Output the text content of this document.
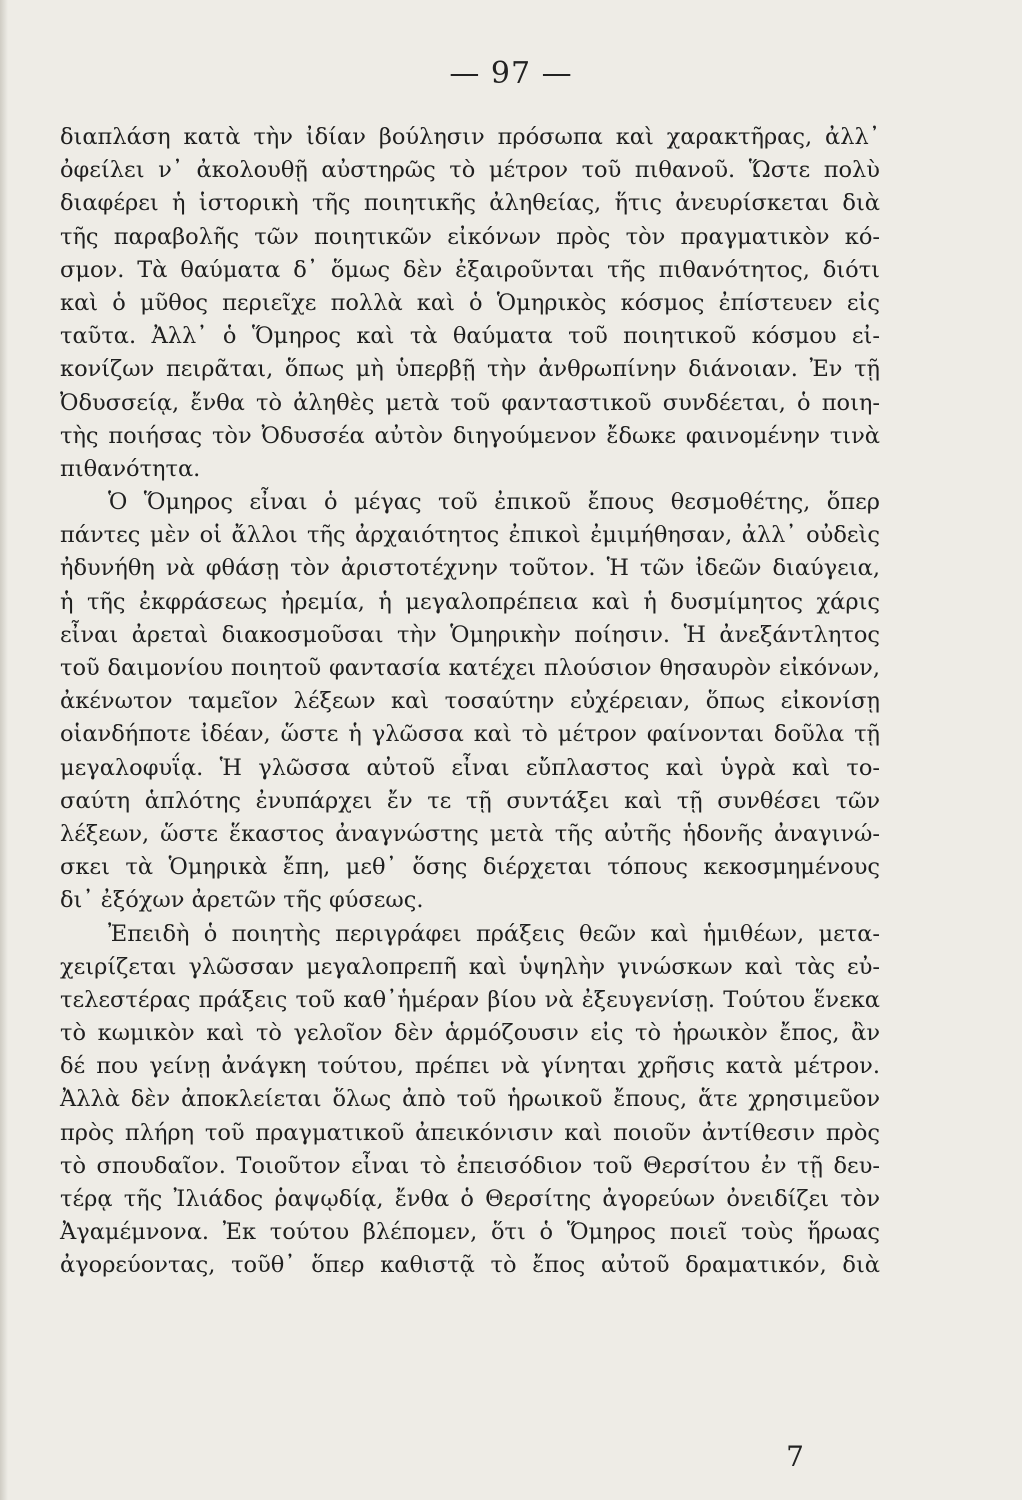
— 97 —
διαπλάση κατὰ τὴν ἰδίαν βούλησιν πρόσωπα καὶ χαρακτῆρας, ἀλλ᾽
ὀφείλει ν᾽ ἀκολουθῇ αὐστηρῶς τὸ μέτρον τοῦ πιθανοῦ. Ὥστε πολὺ
διαφέρει ἡ ἱστορικὴ τῆς ποιητικῆς ἀληθείας, ἥτις ἀνευρίσκεται διὰ
τῆς παραβολῆς τῶν ποιητικῶν εἰκόνων πρὸς τὸν πραγματικὸν κό-
σμον. Τὰ θαύματα δ᾽ ὅμως δὲν ἐξαιροῦνται τῆς πιθανότητος, διότι
καὶ ὁ μῦθος περιεῖχε πολλὰ καὶ ὁ Ὁμηρικὸς κόσμος ἐπίστευεν εἰς
ταῦτα. Ἀλλ᾽ ὁ Ὅμηρος καὶ τὰ θαύματα τοῦ ποιητικοῦ κόσμου εἰ-
κονίζων πειρᾶται, ὅπως μὴ ὑπερβῇ τὴν ἀνθρωπίνην διάνοιαν. Ἐν τῇ
Ὀδυσσείᾳ, ἔνθα τὸ ἀληθὲς μετὰ τοῦ φανταστικοῦ συνδέεται, ὁ ποιη-
τὴς ποιήσας τὸν Ὀδυσσέα αὐτὸν διηγούμενον ἔδωκε φαινομένην τινὰ
πιθανότητα.
Ὁ Ὅμηρος εἶναι ὁ μέγας τοῦ ἐπικοῦ ἔπους θεσμοθέτης, ὅπερ
πάντες μὲν οἱ ἄλλοι τῆς ἀρχαιότητος ἐπικοὶ ἐμιμήθησαν, ἀλλ᾽ οὐδεὶς
ἠδυνήθη νὰ φθάσῃ τὸν ἀριστοτέχνην τοῦτον. Ἡ τῶν ἰδεῶν διαύγεια,
ἡ τῆς ἐκφράσεως ἠρεμία, ἡ μεγαλοπρέπεια καὶ ἡ δυσμίμητος χάρις
εἶναι ἀρεταὶ διακοσμοῦσαι τὴν Ὁμηρικὴν ποίησιν. Ἡ ἀνεξάντλητος
τοῦ δαιμονίου ποιητοῦ φαντασία κατέχει πλούσιον θησαυρὸν εἰκόνων,
ἀκένωτον ταμεῖον λέξεων καὶ τοσαύτην εὐχέρειαν, ὅπως εἰκονίσῃ
οἱανδήποτε ἰδέαν, ὥστε ἡ γλῶσσα καὶ τὸ μέτρον φαίνονται δοῦλα τῇ
μεγαλοφυΐᾳ. Ἡ γλῶσσα αὐτοῦ εἶναι εὔπλαστος καὶ ὑγρὰ καὶ το-
σαύτη ἁπλότης ἐνυπάρχει ἔν τε τῇ συντάξει καὶ τῇ συνθέσει τῶν
λέξεων, ὥστε ἕκαστος ἀναγνώστης μετὰ τῆς αὐτῆς ἡδονῆς ἀναγινώ-
σκει τὰ Ὁμηρικὰ ἔπη, μεθ᾽ ὅσης διέρχεται τόπους κεκοσμημένους
δι᾽ ἐξόχων ἀρετῶν τῆς φύσεως.
Ἐπειδὴ ὁ ποιητὴς περιγράφει πράξεις θεῶν καὶ ἡμιθέων, μετα-
χειρίζεται γλῶσσαν μεγαλοπρεπῆ καὶ ὑψηλὴν γινώσκων καὶ τὰς εὐ-
τελεστέρας πράξεις τοῦ καθ᾽ἡμέραν βίου νὰ ἐξευγενίσῃ. Τούτου ἕνεκα
τὸ κωμικὸν καὶ τὸ γελοῖον δὲν ἁρμόζουσιν εἰς τὸ ἡρωικὸν ἔπος, ἂν
δέ που γείνῃ ἀνάγκη τούτου, πρέπει νὰ γίνηται χρῆσις κατὰ μέτρον.
Ἀλλὰ δὲν ἀποκλείεται ὅλως ἀπὸ τοῦ ἡρωικοῦ ἔπους, ἅτε χρησιμεῦον
πρὸς πλήρη τοῦ πραγματικοῦ ἀπεικόνισιν καὶ ποιοῦν ἀντίθεσιν πρὸς
τὸ σπουδαῖον. Τοιοῦτον εἶναι τὸ ἐπεισόδιον τοῦ Θερσίτου ἐν τῇ δευ-
τέρᾳ τῆς Ἰλιάδος ῥαψῳδίᾳ, ἔνθα ὁ Θερσίτης ἀγορεύων ὀνειδίζει τὸν
Ἀγαμέμνονα. Ἐκ τούτου βλέπομεν, ὅτι ὁ Ὅμηρος ποιεῖ τοὺς ἥρωας
ἀγορεύοντας, τοῦθ᾽ ὅπερ καθιστᾷ τὸ ἔπος αὐτοῦ δραματικόν, διὰ
7
